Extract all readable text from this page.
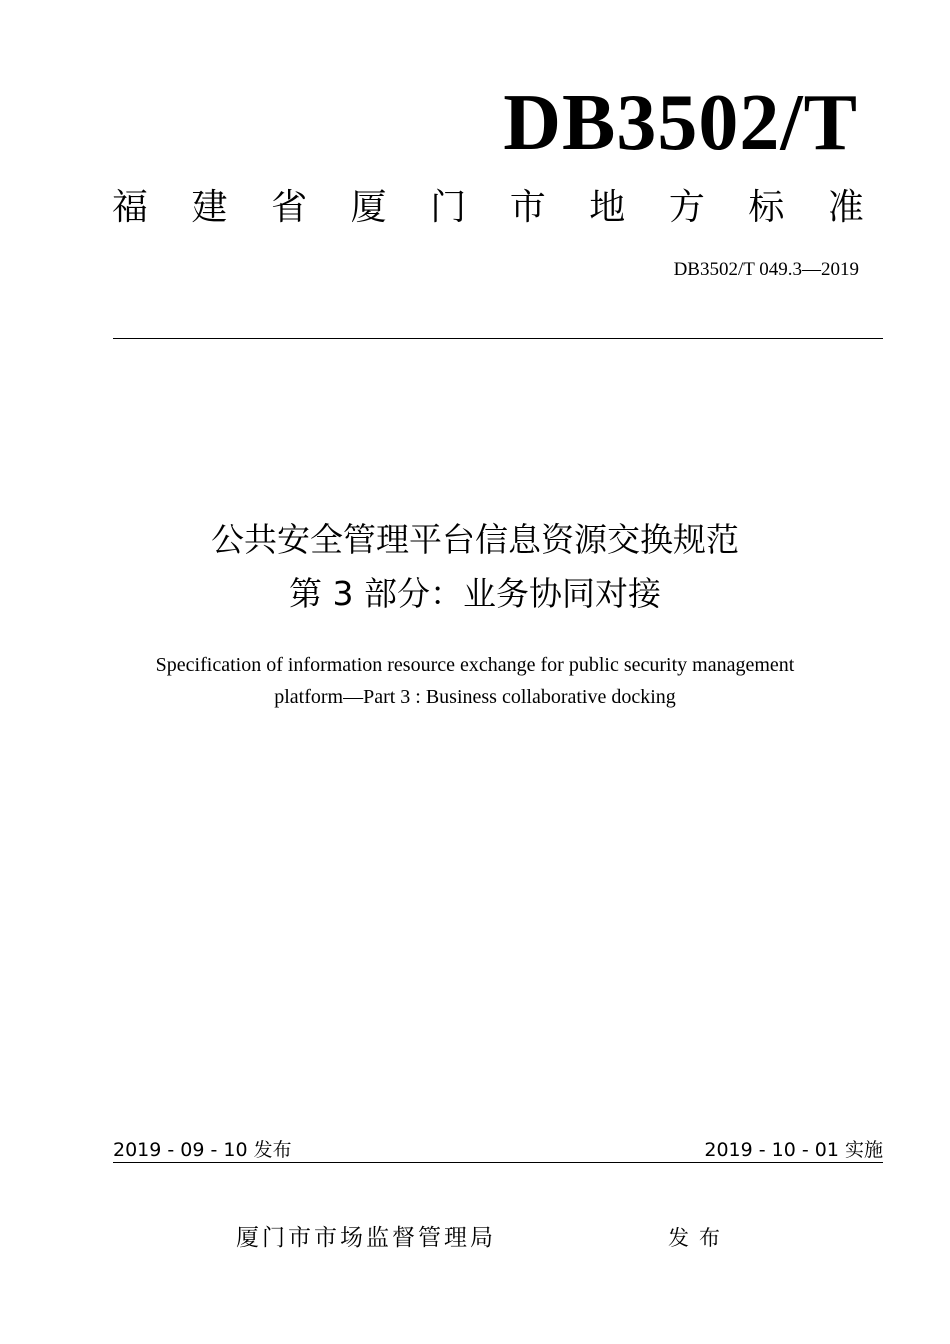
DB3502/T
福 建 省 厦 门 市 地 方 标 准
DB3502/T 049.3—2019
公共安全管理平台信息资源交换规范
第 3 部分：业务协同对接
Specification of information resource exchange for public security management
platform—Part 3 : Business collaborative docking
2019 - 09 - 10 发布	2019 - 10 - 01 实施
厦门市市场监督管理局	发布
